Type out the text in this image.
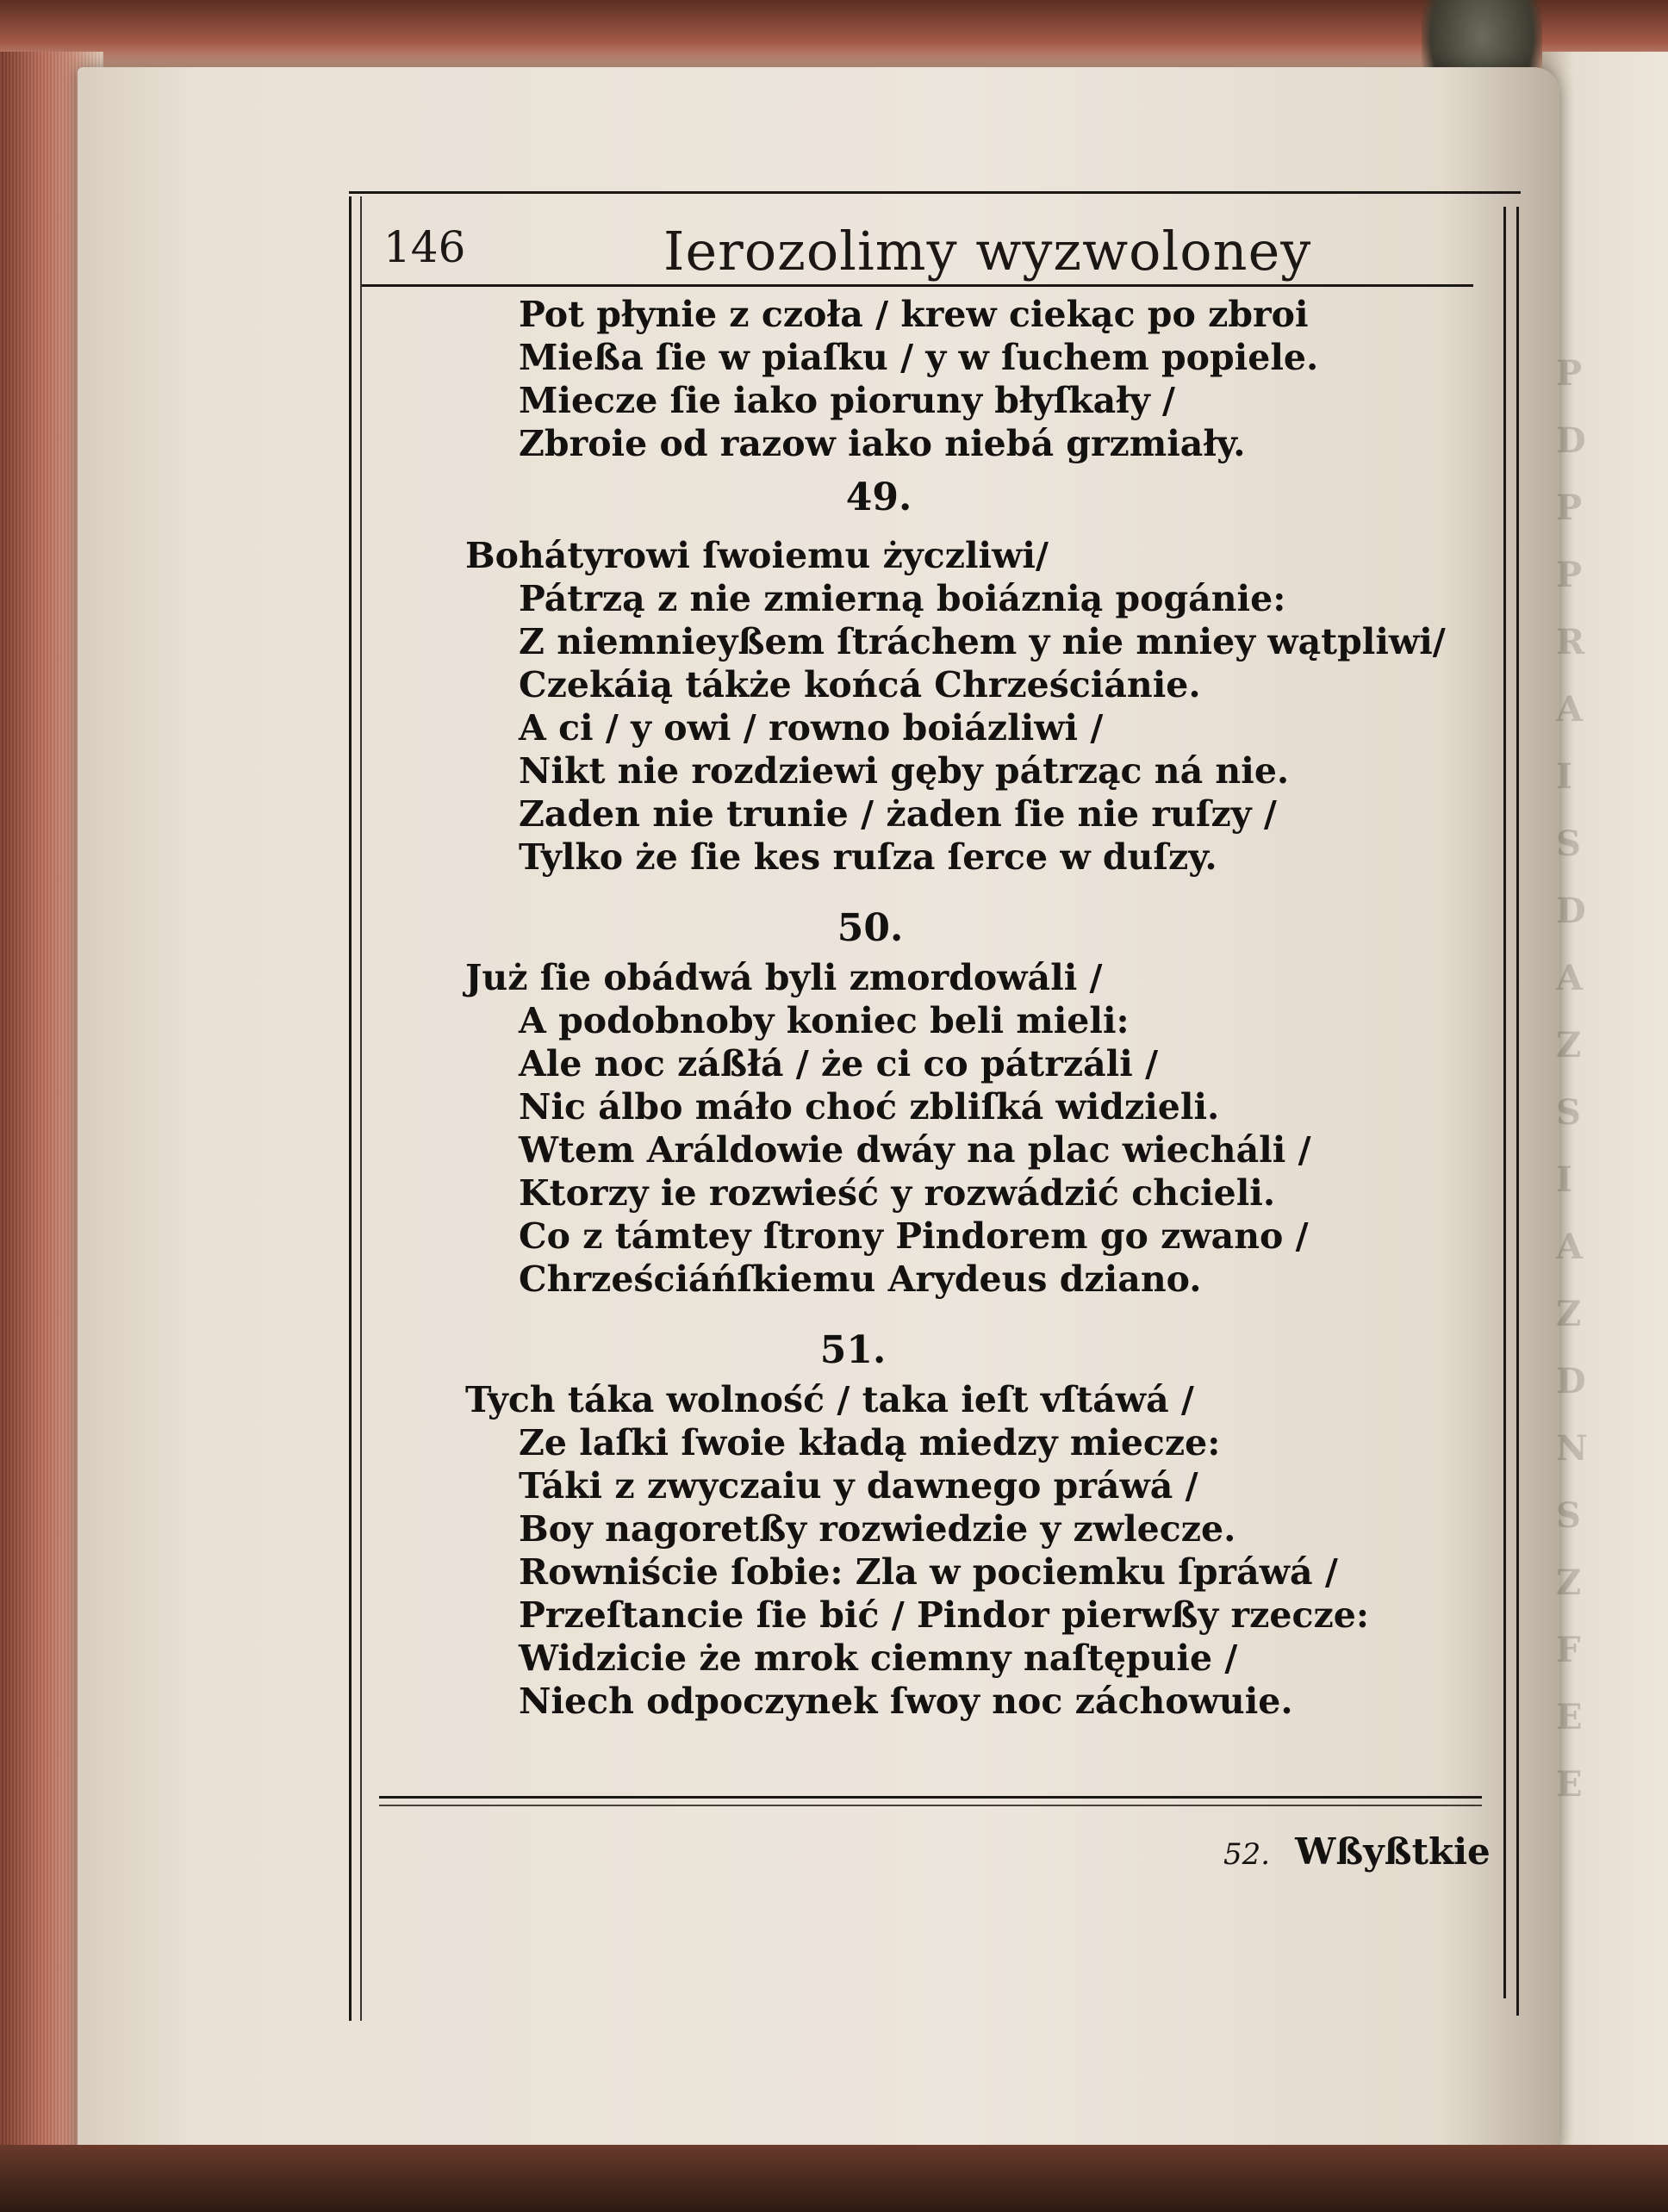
146	Ierozolimy wyzwoloney
Pot płynie z czoła / krew ciekąc po zbroi
Mießa ſie w piaſku / y w ſuchem popiele.
Miecze ſie iako pioruny błyſkały /
Zbroie od razow iako niebá grzmiały.
49.
Bohátyrowi ſwoiemu życzliwi/
Pátrzą z nie zmierną boiáznią pogánie:
Z niemnieyßem ſtráchem y nie mniey wątpliwi/
Czekáią tákże końcá Chrześciánie.
A ci / y owi / rowno boiázliwi /
Nikt nie rozdziewi gęby pátrząc ná nie.
Zaden nie trunie / żaden ſie nie ruſzy /
Tylko że ſie kes ruſza ſerce w duſzy.
50.
Już ſie obádwá byli zmordowáli /
A podobnoby koniec beli mieli:
Ale noc záßłá / że ci co pátrzáli /
Nic álbo máło choć zbliſká widzieli.
Wtem Aráldowie dwáy na plac wiecháli /
Ktorzy ie rozwieść y rozwádzić chcieli.
Co z támtey ſtrony Pindorem go zwano /
Chrześciáńſkiemu Arydeus dziano.
51.
Tych táka wolność / taka ieſt vſtáwá /
Ze laſki ſwoie kładą miedzy miecze:
Táki z zwyczaiu y dawnego práwá /
Boy nagoretßy rozwiedzie y zwlecze.
Rowniście ſobie: Zla w pociemku ſpráwá /
Przeſtancie ſie bić / Pindor pierwßy rzecze:
Widzicie że mrok ciemny naſtępuie /
Niech odpoczynek ſwoy noc záchowuie.
52. Wßyßtkie
P
D
P
P
R
A
I
S
D
A
Z
S
I
A
Z
D
N
S
Z
F
E
E
